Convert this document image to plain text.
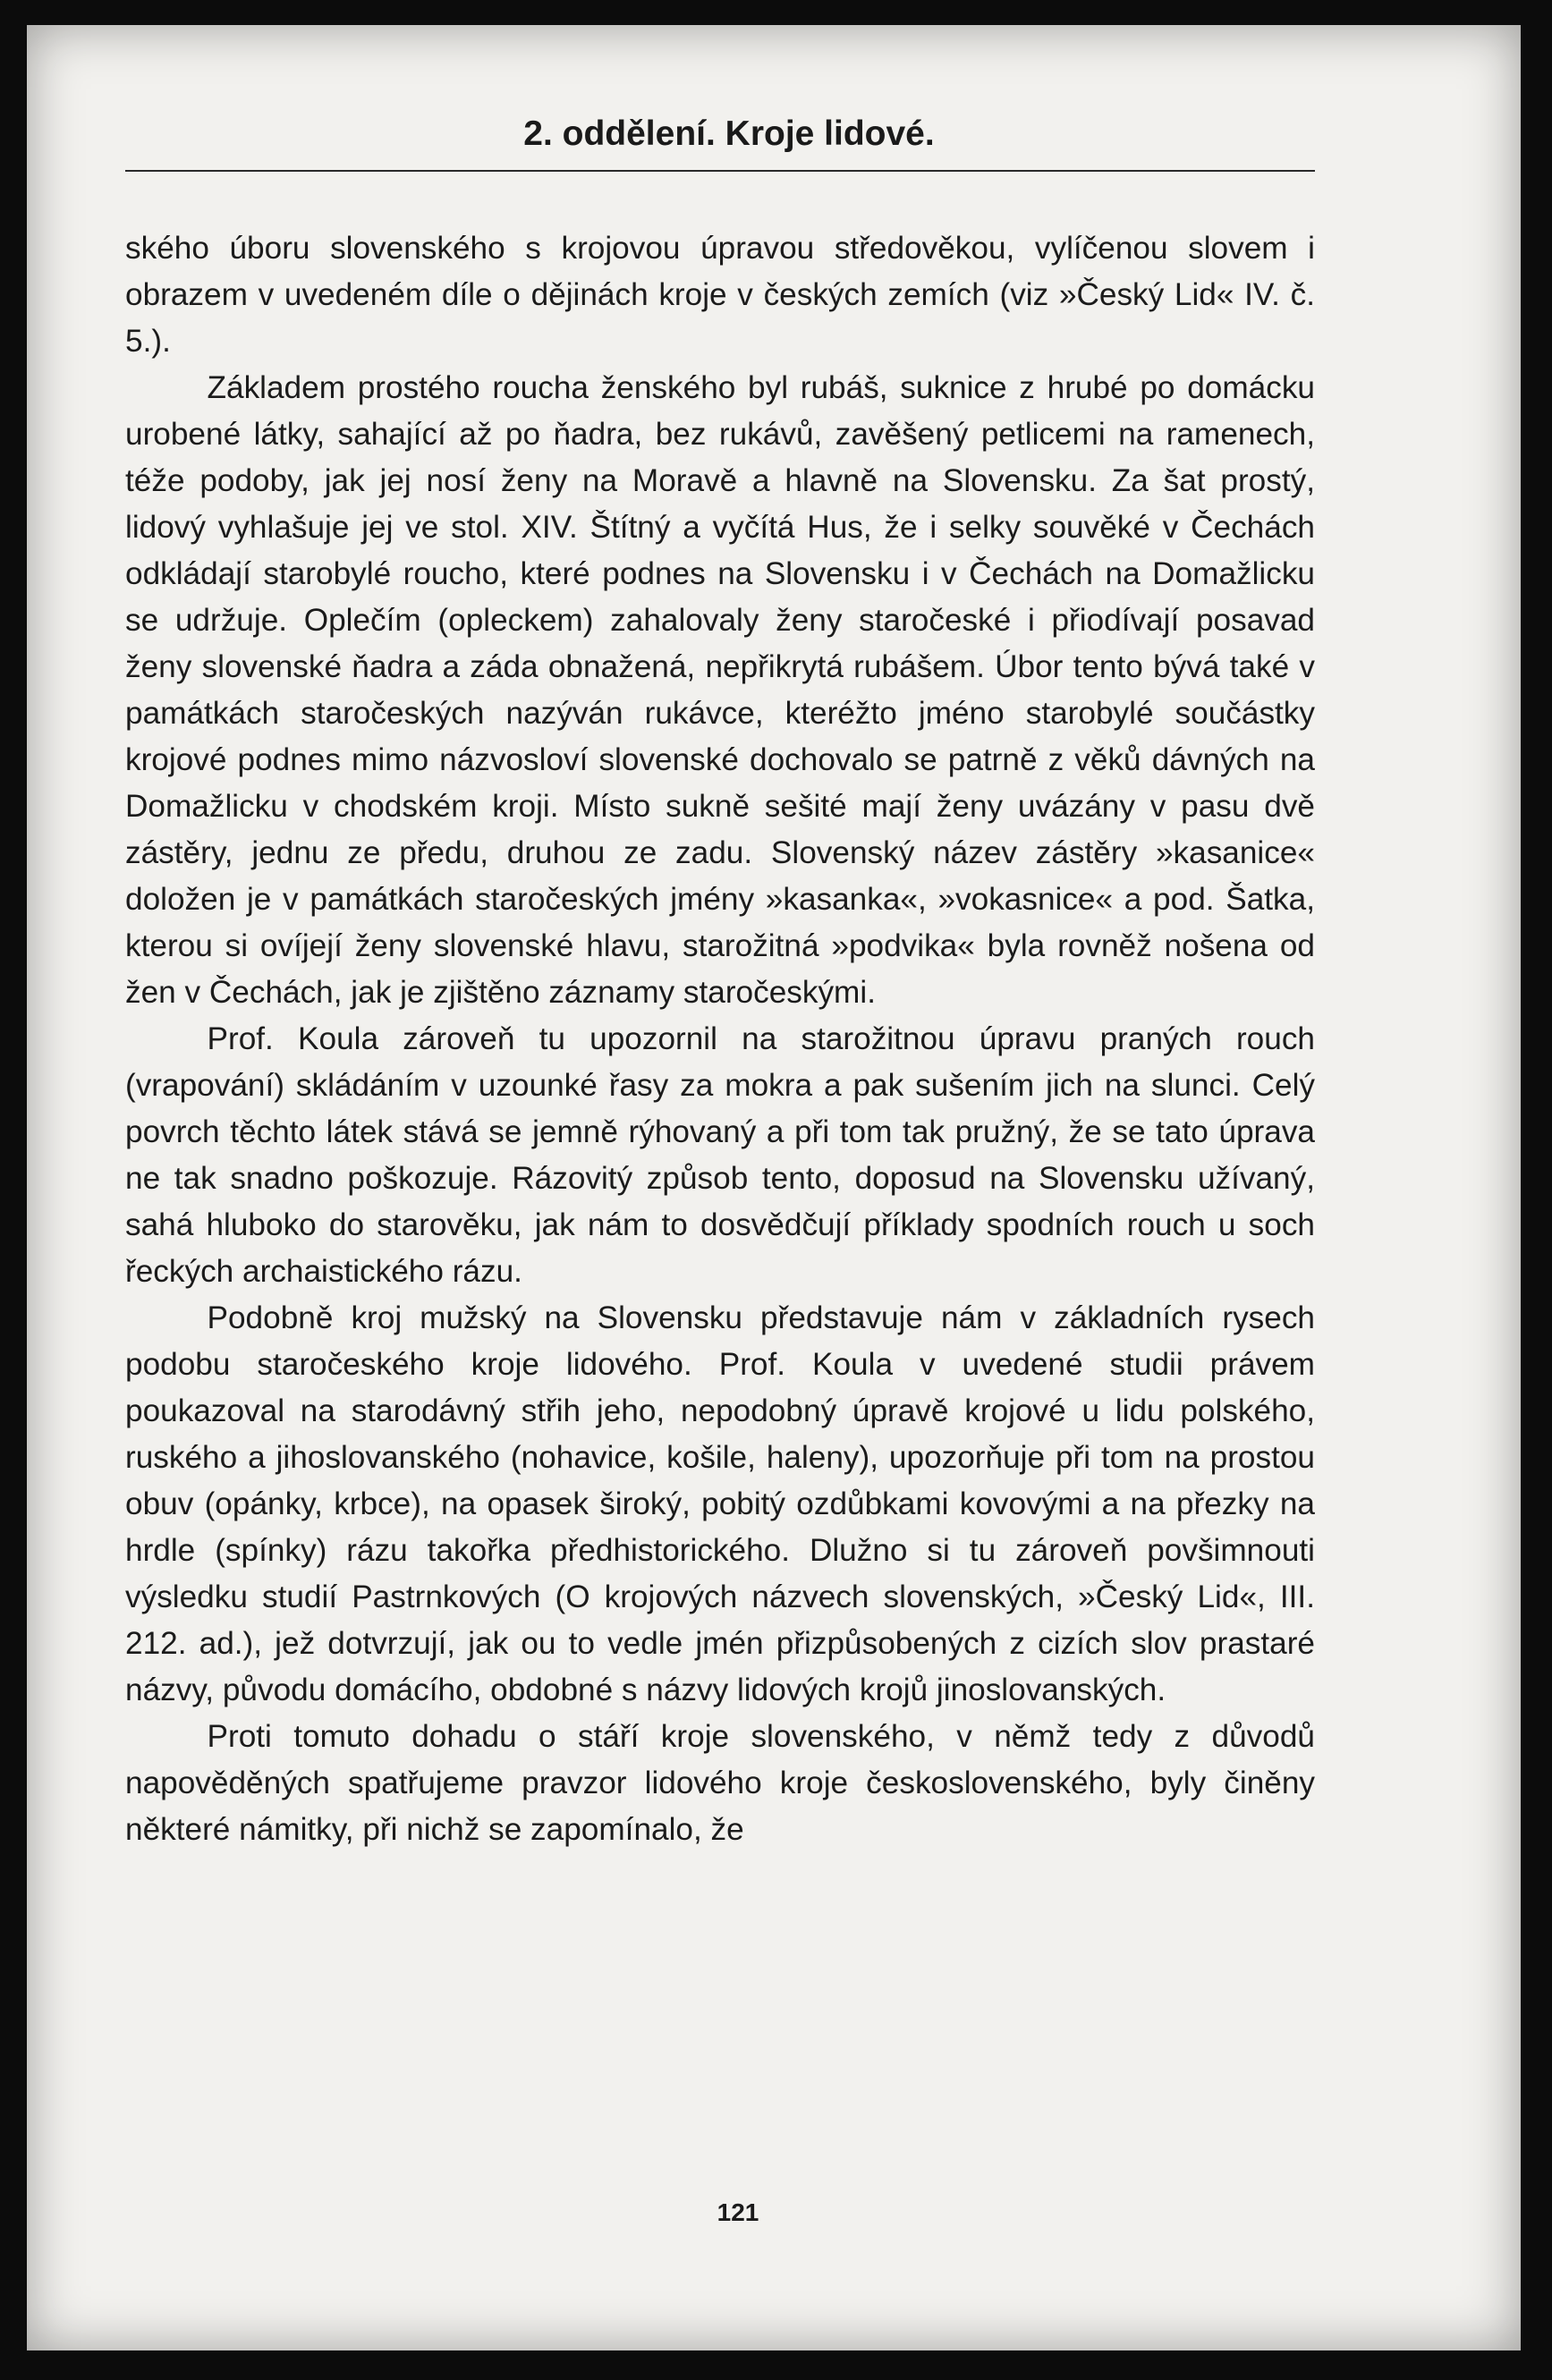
2. oddělení. Kroje lidové.

ského úboru slovenského s krojovou úpravou středověkou, vylíčenou slovem i obrazem v uvedeném díle o dějinách kroje v českých zemích (viz »Český Lid« IV. č. 5.).

Základem prostého roucha ženského byl rubáš, suknice z hrubé po domácku urobené látky, sahající až po ňadra, bez rukávů, zavěšený petlicemi na ramenech, téže podoby, jak jej nosí ženy na Moravě a hlavně na Slovensku. Za šat prostý, lidový vyhlašuje jej ve stol. XIV. Štítný a vyčítá Hus, že i selky souvěké v Čechách odkládají starobylé roucho, které podnes na Slovensku i v Čechách na Domažlicku se udržuje. Oplečím (opleckem) zahalovaly ženy staročeské i přiodívají posavad ženy slovenské ňadra a záda obnažená, nepřikrytá rubášem. Úbor tento bývá také v památkách staročeských nazýván rukávce, kteréžto jméno starobylé součástky krojové podnes mimo názvosloví slovenské dochovalo se patrně z věků dávných na Domažlicku v chodském kroji. Místo sukně sešité mají ženy uvázány v pasu dvě zástěry, jednu ze předu, druhou ze zadu. Slovenský název zástěry »kasanice« doložen je v památkách staročeských jmény »kasanka«, »vokasnice« a pod. Šatka, kterou si ovíjejí ženy slovenské hlavu, starožitná »podvika« byla rovněž nošena od žen v Čechách, jak je zjištěno záznamy staročeskými.

Prof. Koula zároveň tu upozornil na starožitnou úpravu praných rouch (vrapování) skládáním v uzounké řasy za mokra a pak sušením jich na slunci. Celý povrch těchto látek stává se jemně rýhovaný a při tom tak pružný, že se tato úprava ne tak snadno poškozuje. Rázovitý způsob tento, doposud na Slovensku užívaný, sahá hluboko do starověku, jak nám to dosvědčují příklady spodních rouch u soch řeckých archaistického rázu.

Podobně kroj mužský na Slovensku představuje nám v základních rysech podobu staročeského kroje lidového. Prof. Koula v uvedené studii právem poukazoval na starodávný střih jeho, nepodobný úpravě krojové u lidu polského, ruského a jihoslovanského (nohavice, košile, haleny), upozorňuje při tom na prostou obuv (opánky, krbce), na opasek široký, pobitý ozdůbkami kovovými a na přezky na hrdle (spínky) rázu takořka předhistorického. Dlužno si tu zároveň povšimnouti výsledku studií Pastrnkových (O krojových názvech slovenských, »Český Lid«, III. 212. ad.), jež dotvrzují, jak ou to vedle jmén přizpůsobených z cizích slov prastaré názvy, původu domácího, obdobné s názvy lidových krojů jinoslovanských.

Proti tomuto dohadu o stáří kroje slovenského, v němž tedy z důvodů napověděných spatřujeme pravzor lidového kroje československého, byly činěny některé námitky, při nichž se zapomínalo, že

121
